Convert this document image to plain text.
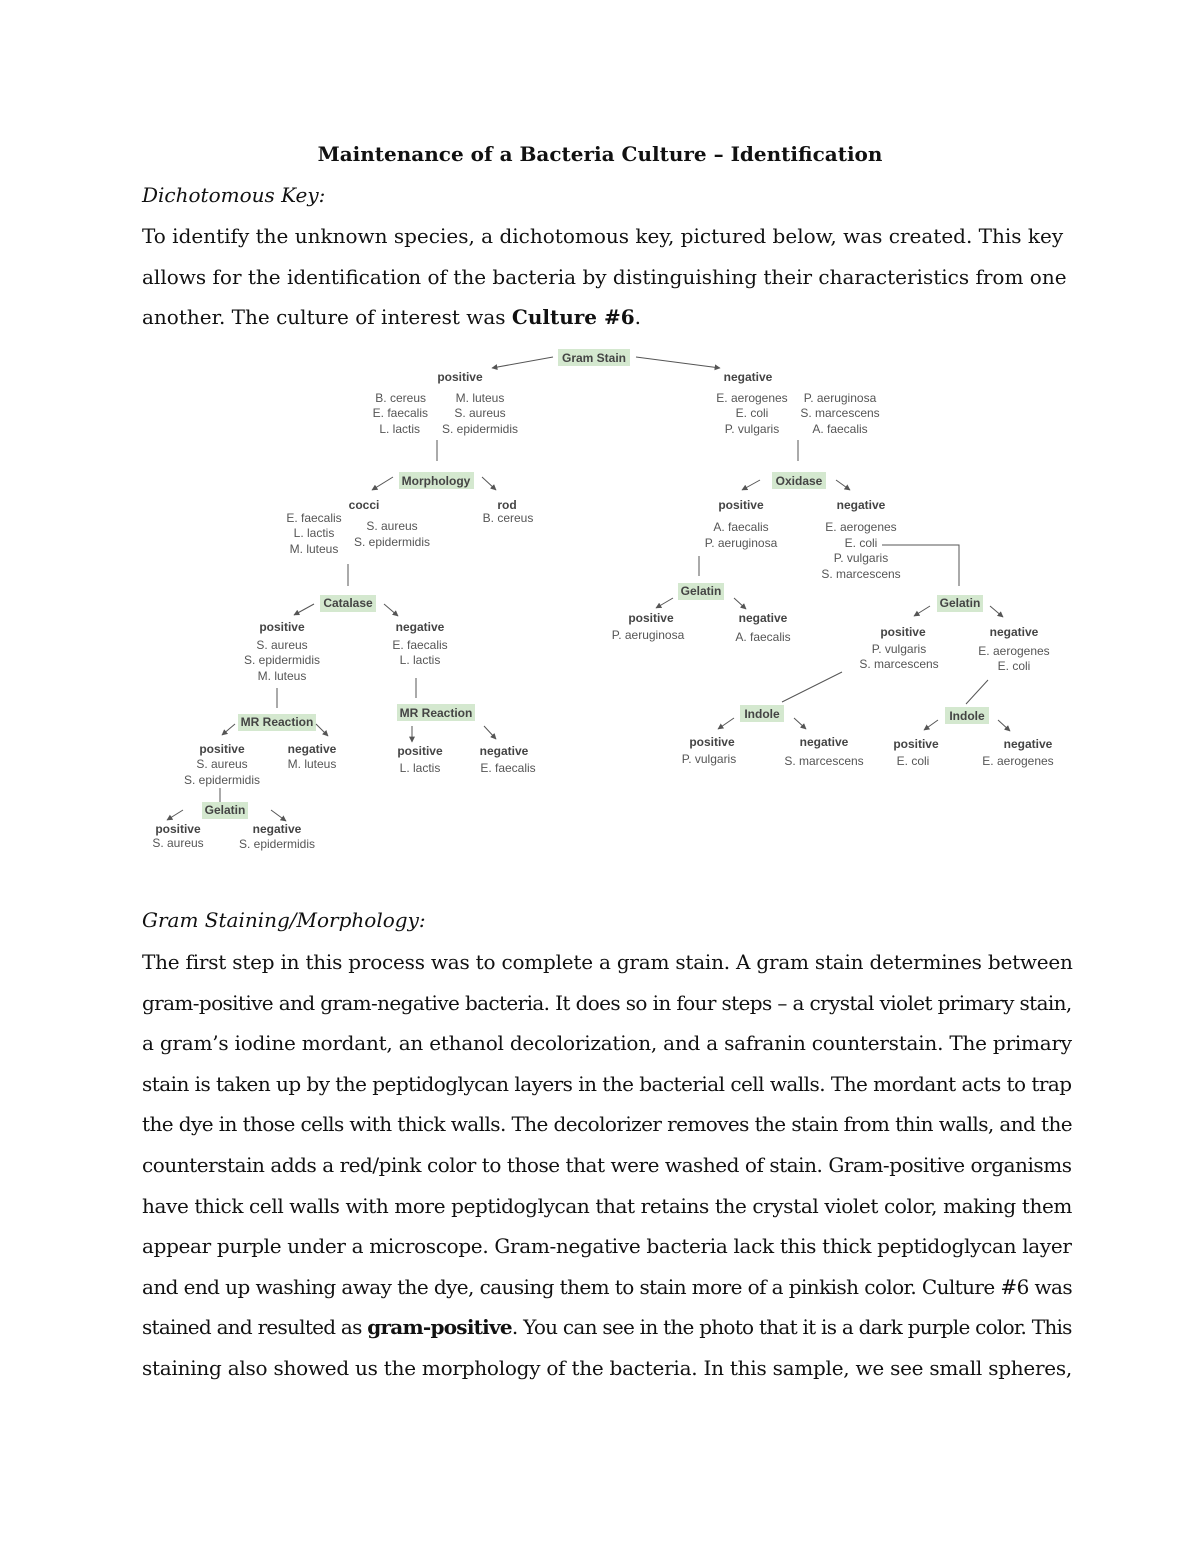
Maintenance of a Bacteria Culture – Identification
Dichotomous Key:
To identify the unknown species, a dichotomous key, pictured below, was created. This key
allows for the identification of the bacteria by distinguishing their characteristics from one
another. The culture of interest was Culture #6.
Gram Stain
positive
B. cereus
E. faecalis
L. lactis
M. luteus
S. aureus
S. epidermidis
negative
E. aerogenes
E. coli
P. vulgaris
P. aeruginosa
S. marcescens
A. faecalis
Morphology
cocci	rod
B. cereus
E. faecalis
L. lactis
M. luteus
S. aureus
S. epidermidis
Catalase
positive
S. aureus
S. epidermidis
M. luteus
negative
E. faecalis
L. lactis
MR Reaction
positive
S. aureus
S. epidermidis
negative
M. luteus
Gelatin
positive
S. aureus
negative
S. epidermidis
MR Reaction
positive
L. lactis
negative
E. faecalis
Oxidase
positive
A. faecalis
P. aeruginosa
negative
E. aerogenes
E. coli
P. vulgaris
S. marcescens
Gelatin
positive
P. aeruginosa
negative
A. faecalis
Gelatin
positive
P. vulgaris
S. marcescens
negative
E. aerogenes
E. coli
Indole
positive
P. vulgaris
negative
S. marcescens
Indole
positive
E. coli
negative
E. aerogenes
Gram Staining/Morphology:
The first step in this process was to complete a gram stain. A gram stain determines between
gram-positive and gram-negative bacteria. It does so in four steps – a crystal violet primary stain,
a gram’s iodine mordant, an ethanol decolorization, and a safranin counterstain. The primary
stain is taken up by the peptidoglycan layers in the bacterial cell walls. The mordant acts to trap
the dye in those cells with thick walls. The decolorizer removes the stain from thin walls, and the
counterstain adds a red/pink color to those that were washed of stain. Gram-positive organisms
have thick cell walls with more peptidoglycan that retains the crystal violet color, making them
appear purple under a microscope. Gram-negative bacteria lack this thick peptidoglycan layer
and end up washing away the dye, causing them to stain more of a pinkish color. Culture #6 was
stained and resulted as gram-positive. You can see in the photo that it is a dark purple color. This
staining also showed us the morphology of the bacteria. In this sample, we see small spheres,
